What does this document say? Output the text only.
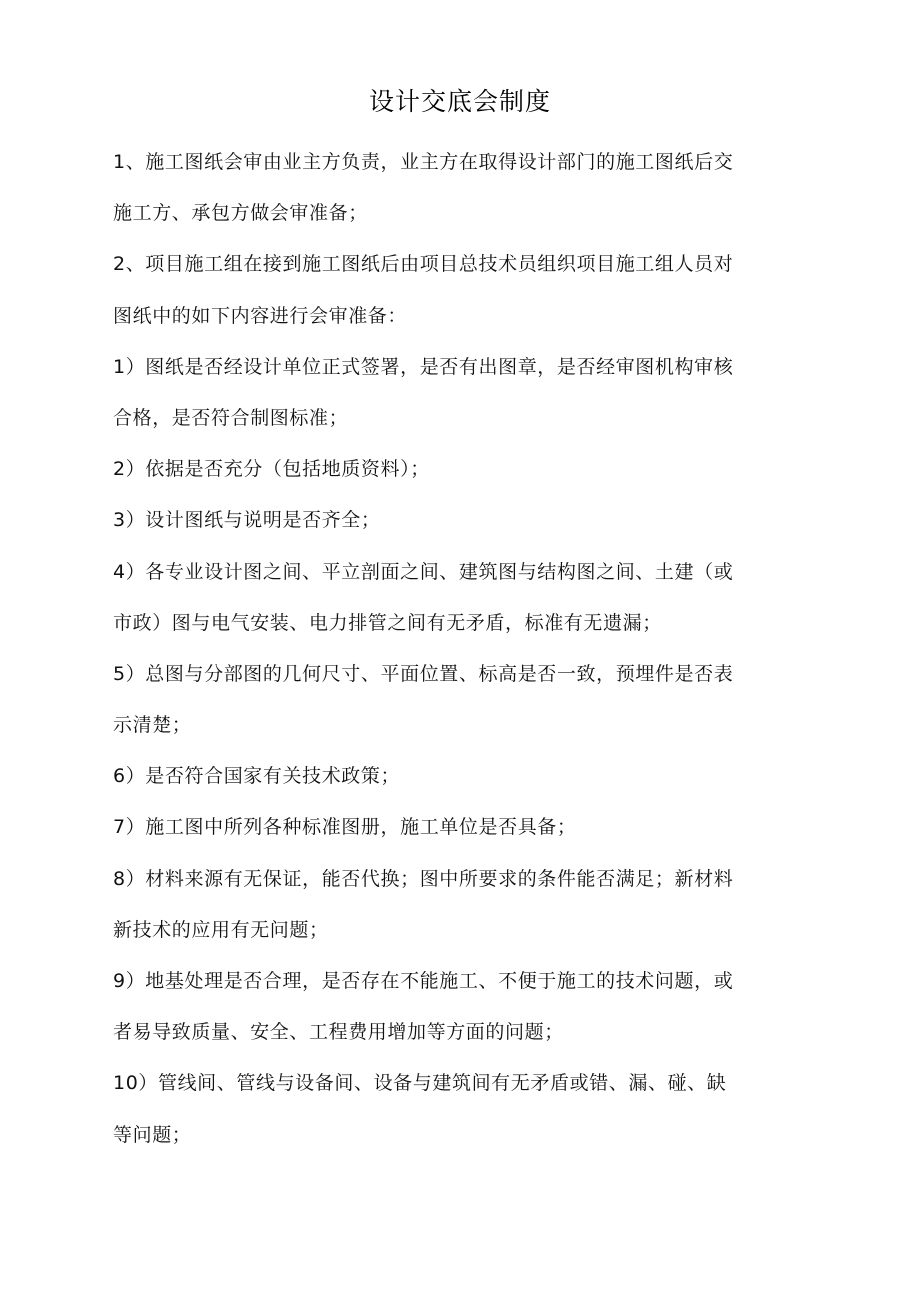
设计交底会制度
1、施工图纸会审由业主方负责，业主方在取得设计部门的施工图纸后交
施工方、承包方做会审准备；
2、项目施工组在接到施工图纸后由项目总技术员组织项目施工组人员对
图纸中的如下内容进行会审准备：
1）图纸是否经设计单位正式签署，是否有出图章，是否经审图机构审核
合格，是否符合制图标准；
2）依据是否充分（包括地质资料）；
3）设计图纸与说明是否齐全；
4）各专业设计图之间、平立剖面之间、建筑图与结构图之间、土建（或
市政）图与电气安装、电力排管之间有无矛盾，标准有无遗漏；
5）总图与分部图的几何尺寸、平面位置、标高是否一致，预埋件是否表
示清楚；
6）是否符合国家有关技术政策；
7）施工图中所列各种标准图册，施工单位是否具备；
8）材料来源有无保证，能否代换；图中所要求的条件能否满足；新材料
新技术的应用有无问题；
9）地基处理是否合理，是否存在不能施工、不便于施工的技术问题，或
者易导致质量、安全、工程费用增加等方面的问题；
10）管线间、管线与设备间、设备与建筑间有无矛盾或错、漏、碰、缺
等问题；
